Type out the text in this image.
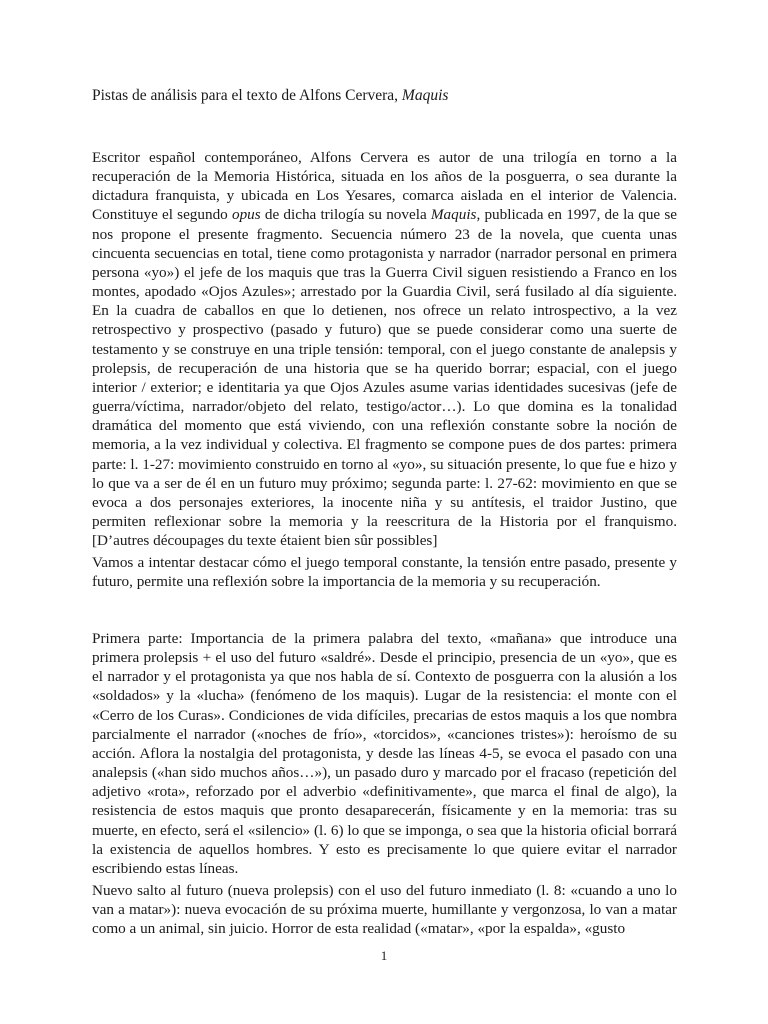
Pistas de análisis para el texto de Alfons Cervera, Maquis

Escritor español contemporáneo, Alfons Cervera es autor de una trilogía en torno a la recuperación de la Memoria Histórica, situada en los años de la posguerra, o sea durante la dictadura franquista, y ubicada en Los Yesares, comarca aislada en el interior de Valencia. Constituye el segundo opus de dicha trilogía su novela Maquis, publicada en 1997, de la que se nos propone el presente fragmento. Secuencia número 23 de la novela, que cuenta unas cincuenta secuencias en total, tiene como protagonista y narrador (narrador personal en primera persona «yo») el jefe de los maquis que tras la Guerra Civil siguen resistiendo a Franco en los montes, apodado «Ojos Azules»; arrestado por la Guardia Civil, será fusilado al día siguiente. En la cuadra de caballos en que lo detienen, nos ofrece un relato introspectivo, a la vez retrospectivo y prospectivo (pasado y futuro) que se puede considerar como una suerte de testamento y se construye en una triple tensión: temporal, con el juego constante de analepsis y prolepsis, de recuperación de una historia que se ha querido borrar; espacial, con el juego interior / exterior; e identitaria ya que Ojos Azules asume varias identidades sucesivas (jefe de guerra/víctima, narrador/objeto del relato, testigo/actor…). Lo que domina es la tonalidad dramática del momento que está viviendo, con una reflexión constante sobre la noción de memoria, a la vez individual y colectiva. El fragmento se compone pues de dos partes: primera parte: l. 1-27: movimiento construido en torno al «yo», su situación presente, lo que fue e hizo y lo que va a ser de él en un futuro muy próximo; segunda parte: l. 27-62: movimiento en que se evoca a dos personajes exteriores, la inocente niña y su antítesis, el traidor Justino, que permiten reflexionar sobre la memoria y la reescritura de la Historia por el franquismo. [D’autres découpages du texte étaient bien sûr possibles]

Vamos a intentar destacar cómo el juego temporal constante, la tensión entre pasado, presente y futuro, permite una reflexión sobre la importancia de la memoria y su recuperación.

Primera parte: Importancia de la primera palabra del texto, «mañana» que introduce una primera prolepsis + el uso del futuro «saldré». Desde el principio, presencia de un «yo», que es el narrador y el protagonista ya que nos habla de sí. Contexto de posguerra con la alusión a los «soldados» y la «lucha» (fenómeno de los maquis). Lugar de la resistencia: el monte con el «Cerro de los Curas». Condiciones de vida difíciles, precarias de estos maquis a los que nombra parcialmente el narrador («noches de frío», «torcidos», «canciones tristes»): heroísmo de su acción. Aflora la nostalgia del protagonista, y desde las líneas 4-5, se evoca el pasado con una analepsis («han sido muchos años…»), un pasado duro y marcado por el fracaso (repetición del adjetivo «rota», reforzado por el adverbio «definitivamente», que marca el final de algo), la resistencia de estos maquis que pronto desaparecerán, físicamente y en la memoria: tras su muerte, en efecto, será el «silencio» (l. 6) lo que se imponga, o sea que la historia oficial borrará la existencia de aquellos hombres. Y esto es precisamente lo que quiere evitar el narrador escribiendo estas líneas.

Nuevo salto al futuro (nueva prolepsis) con el uso del futuro inmediato (l. 8: «cuando a uno lo van a matar»): nueva evocación de su próxima muerte, humillante y vergonzosa, lo van a matar como a un animal, sin juicio. Horror de esta realidad («matar», «por la espalda», «gusto

1
